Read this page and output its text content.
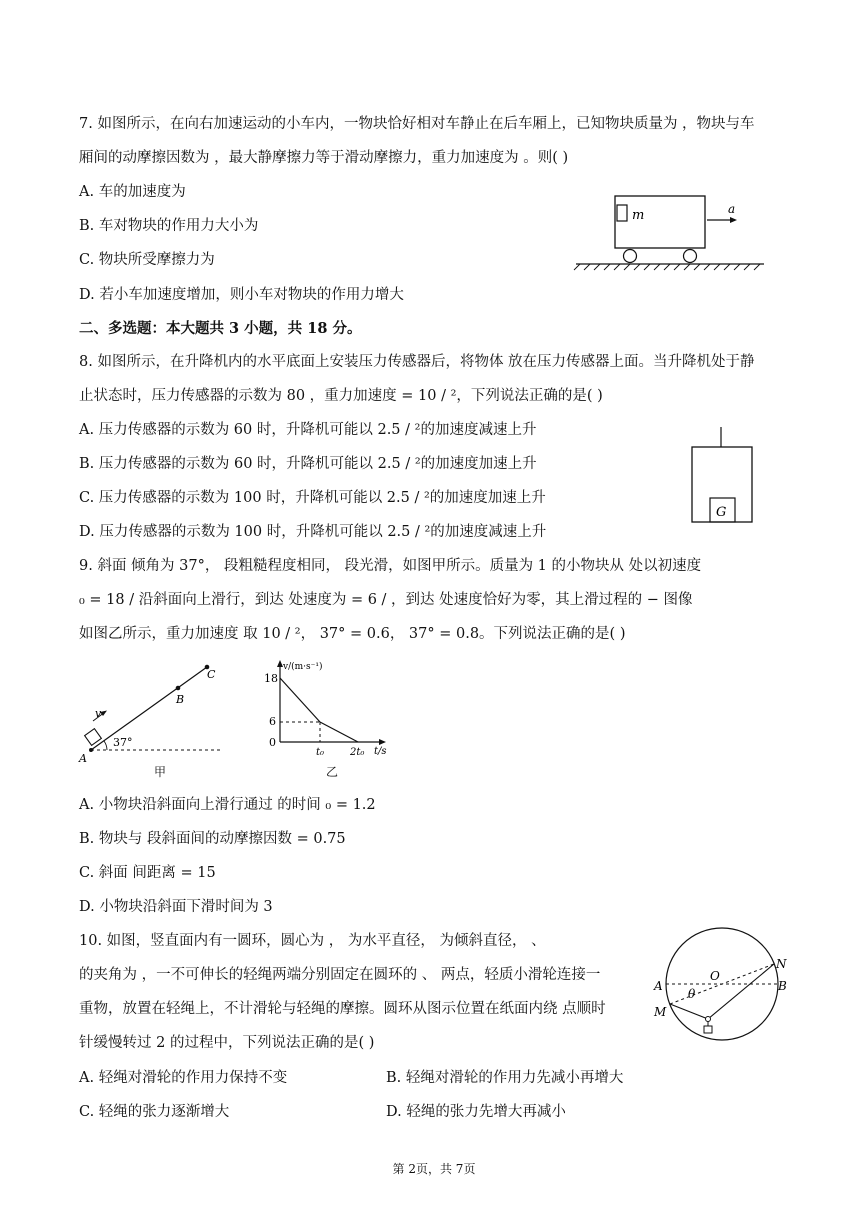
7. 如图所示，在向右加速运动的小车内，一物块恰好相对车静止在后车厢上，已知物块质量为 ，物块与车
厢间的动摩擦因数为 ，最大静摩擦力等于滑动摩擦力，重力加速度为 。则( )
A. 车的加速度为
B. 车对物块的作用力大小为
C. 物块所受摩擦力为
D. 若小车加速度增加，则小车对物块的作用力增大
m	a
二、多选题：本大题共 3 小题，共 18 分。
8. 如图所示，在升降机内的水平底面上安装压力传感器后，将物体 放在压力传感器上面。当升降机处于静
止状态时，压力传感器的示数为 80 ，重力加速度 = 10 / ²，下列说法正确的是( )
A. 压力传感器的示数为 60 时，升降机可能以 2.5 / ²的加速度减速上升
B. 压力传感器的示数为 60 时，升降机可能以 2.5 / ²的加速度加速上升
C. 压力传感器的示数为 100 时，升降机可能以 2.5 / ²的加速度加速上升
D. 压力传感器的示数为 100 时，升降机可能以 2.5 / ²的加速度减速上升
G
9. 斜面 倾角为 37°， 段粗糙程度相同， 段光滑，如图甲所示。质量为 1 的小物块从 处以初速度
₀ = 18 / 沿斜面向上滑行，到达 处速度为 = 6 / ，到达 处速度恰好为零，其上滑过程的 − 图像
如图乙所示，重力加速度 取 10 / ²， 37° = 0.6， 37° = 0.8。下列说法正确的是( )
v
37°
A
B
C
甲
v/(m·s⁻¹)
18
6
0
t₀	2t₀ t/s
乙
A. 小物块沿斜面向上滑行通过 的时间 ₀ = 1.2
B. 物块与 段斜面间的动摩擦因数 = 0.75
C. 斜面 间距离 = 15
D. 小物块沿斜面下滑时间为 3
10. 如图，竖直面内有一圆环，圆心为 ， 为水平直径， 为倾斜直径， 、
的夹角为 ，一不可伸长的轻绳两端分别固定在圆环的 、 两点，轻质小滑轮连接一
重物，放置在轻绳上，不计滑轮与轻绳的摩擦。圆环从图示位置在纸面内绕 点顺时
针缓慢转过 2 的过程中，下列说法正确的是( )
N
O
A	B
M
θ
A. 轻绳对滑轮的作用力保持不变	B. 轻绳对滑轮的作用力先减小再增大
C. 轻绳的张力逐渐增大	D. 轻绳的张力先增大再减小
第 2页，共 7页
